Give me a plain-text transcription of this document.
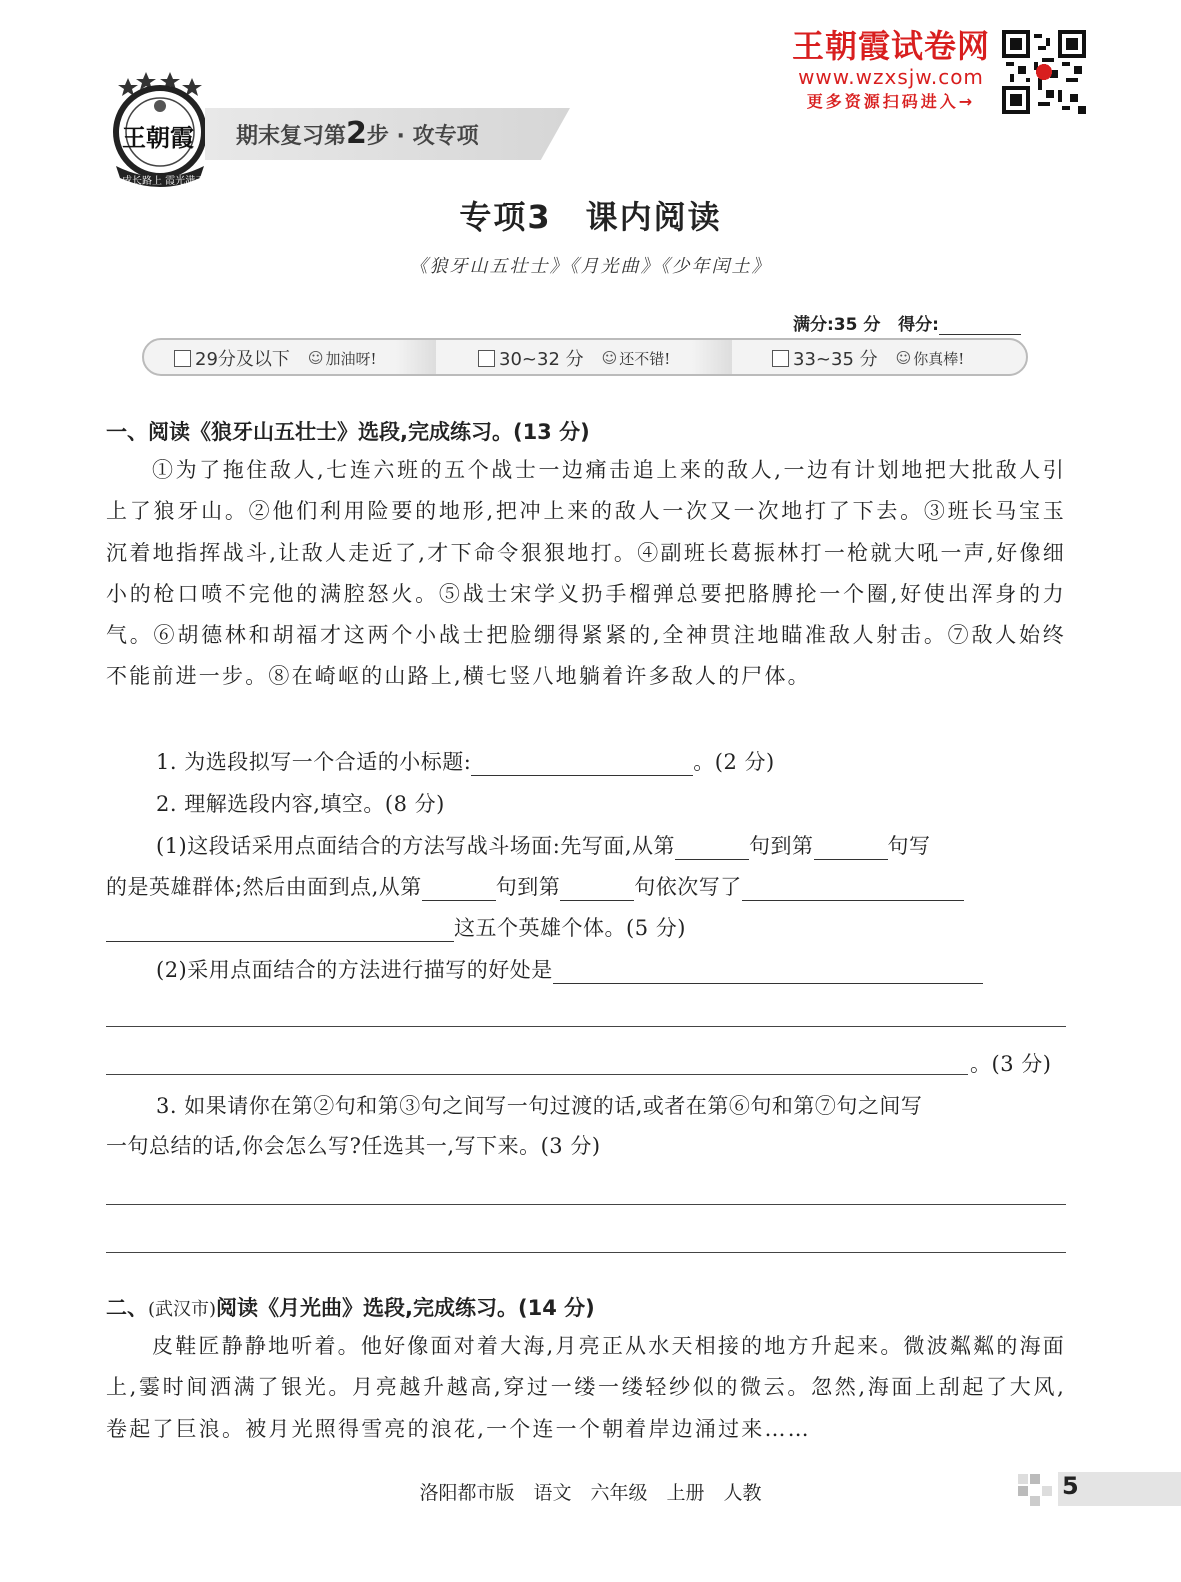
王朝霞
成长路上 霞光满天
期末复习第2步 · 攻专项
王朝霞试卷网
www.wzxsjw.com
更多资源扫码进入→
专项3　课内阅读
《狼牙山五壮士》《月光曲》《少年闰土》
满分:35 分 得分:
29分及以下 ☺ 加油呀!	30~32 分 ☺ 还不错!	33~35 分 ☺ 你真棒!
一、阅读《狼牙山五壮士》选段,完成练习。(13 分)
①为了拖住敌人,七连六班的五个战士一边痛击追上来的敌人,一边有计划地把大批敌人引上了狼牙山。②他们利用险要的地形,把冲上来的敌人一次又一次地打了下去。③班长马宝玉沉着地指挥战斗,让敌人走近了,才下命令狠狠地打。④副班长葛振林打一枪就大吼一声,好像细小的枪口喷不完他的满腔怒火。⑤战士宋学义扔手榴弹总要把胳膊抡一个圈,好使出浑身的力气。⑥胡德林和胡福才这两个小战士把脸绷得紧紧的,全神贯注地瞄准敌人射击。⑦敌人始终不能前进一步。⑧在崎岖的山路上,横七竖八地躺着许多敌人的尸体。
1. 为选段拟写一个合适的小标题:	。(2 分)
2. 理解选段内容,填空。(8 分)
(1)这段话采用点面结合的方法写战斗场面:先写面,从第	句到第	句写
的是英雄群体;然后由面到点,从第	句到第	句依次写了
这五个英雄个体。(5 分)
(2)采用点面结合的方法进行描写的好处是
。(3 分)
3. 如果请你在第②句和第③句之间写一句过渡的话,或者在第⑥句和第⑦句之间写
一句总结的话,你会怎么写?任选其一,写下来。(3 分)
二、(武汉市)阅读《月光曲》选段,完成练习。(14 分)
皮鞋匠静静地听着。他好像面对着大海,月亮正从水天相接的地方升起来。微波粼粼的海面上,霎时间洒满了银光。月亮越升越高,穿过一缕一缕轻纱似的微云。忽然,海面上刮起了大风,卷起了巨浪。被月光照得雪亮的浪花,一个连一个朝着岸边涌过来……
洛阳都市版　语文　六年级　上册　人教	5
